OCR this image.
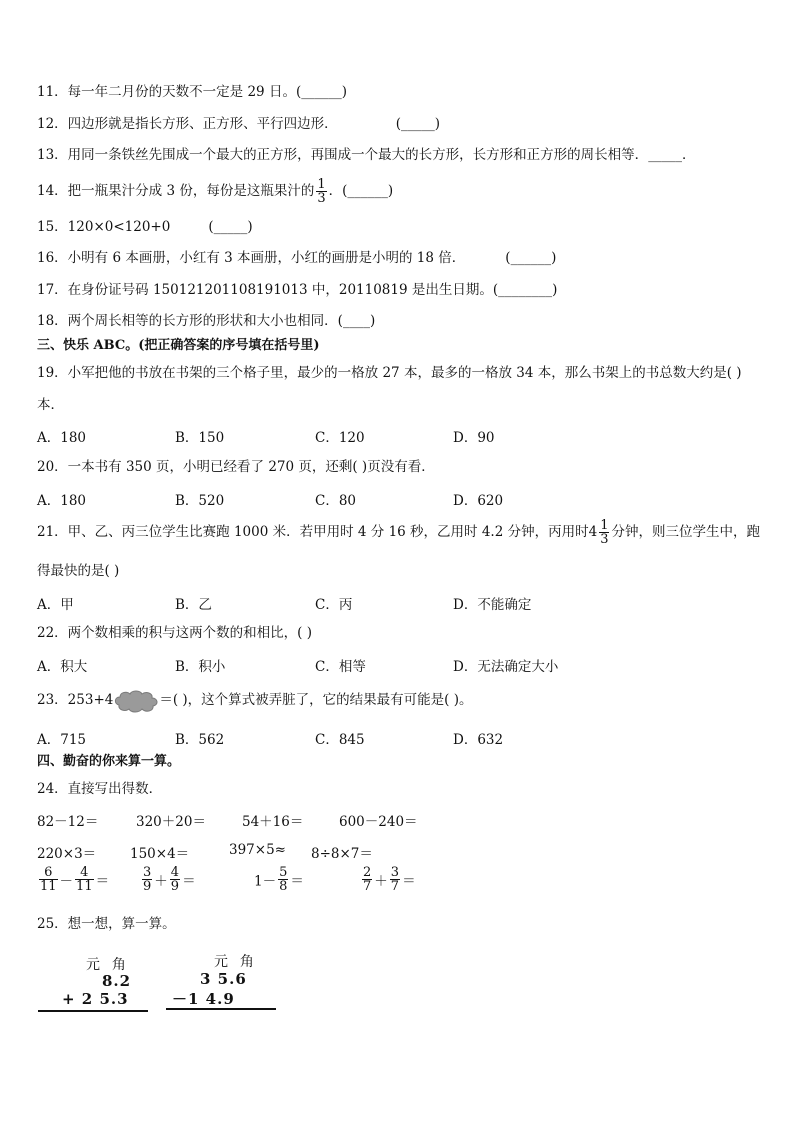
11．每一年二月份的天数不一定是 29 日。(______)
12．四边形就是指长方形、正方形、平行四边形．	(_____)
13．用同一条铁丝先围成一个最大的正方形，再围成一个最大的长方形，长方形和正方形的周长相等．_____．
14．把一瓶果汁分成 3 份，每份是这瓶果汁的 $\frac{1}{3}$ ．(______)
15．120×0<120+0	(_____)
16．小明有 6 本画册，小红有 3 本画册，小红的画册是小明的 18 倍．	(______)
17．在身份证号码 150121201108191013 中，20110819 是出生日期。(________)
18．两个周长相等的长方形的形状和大小也相同．(____)
三、快乐 ABC。(把正确答案的序号填在括号里)
19．小军把他的书放在书架的三个格子里，最少的一格放 27 本，最多的一格放 34 本，那么书架上的书总数大约是( )
本．
A．180	B．150	C．120	D．90
20．一本书有 350 页，小明已经看了 270 页，还剩( )页没有看．
A．180	B．520	C．80	D．620
21．甲、乙、丙三位学生比赛跑 1000 米．若甲用时 4 分 16 秒，乙用时 4.2 分钟，丙用时$4 \frac{1}{3}$ 分钟，则三位学生中，跑
得最快的是( )
A．甲	B．乙	C．丙	D．不能确定
22．两个数相乘的积与这两个数的和相比，( )
A．积大	B．积小	C．相等	D．无法确定大小
23．253+4	＝( )，这个算式被弄脏了，它的结果最有可能是( )。
A．715	B．562	C．845	D．632
四、勤奋的你来算一算。
24．直接写出得数．
82－12＝	320＋20＝	54＋16＝	600－240＝
220×3＝	150×4＝	397×5≈ 8÷8×7＝
$\frac{6}{11} - \frac{4}{11}$ ＝	$\frac{3}{9} + \frac{4}{9}$ ＝	$1- \frac{5}{8}$ ＝	$\frac{2}{7} + \frac{3}{7}$ ＝
25．想一想，算一算。
元  角
8.2
+ 2 5.3
元  角
3 5.6
－1 4.9
